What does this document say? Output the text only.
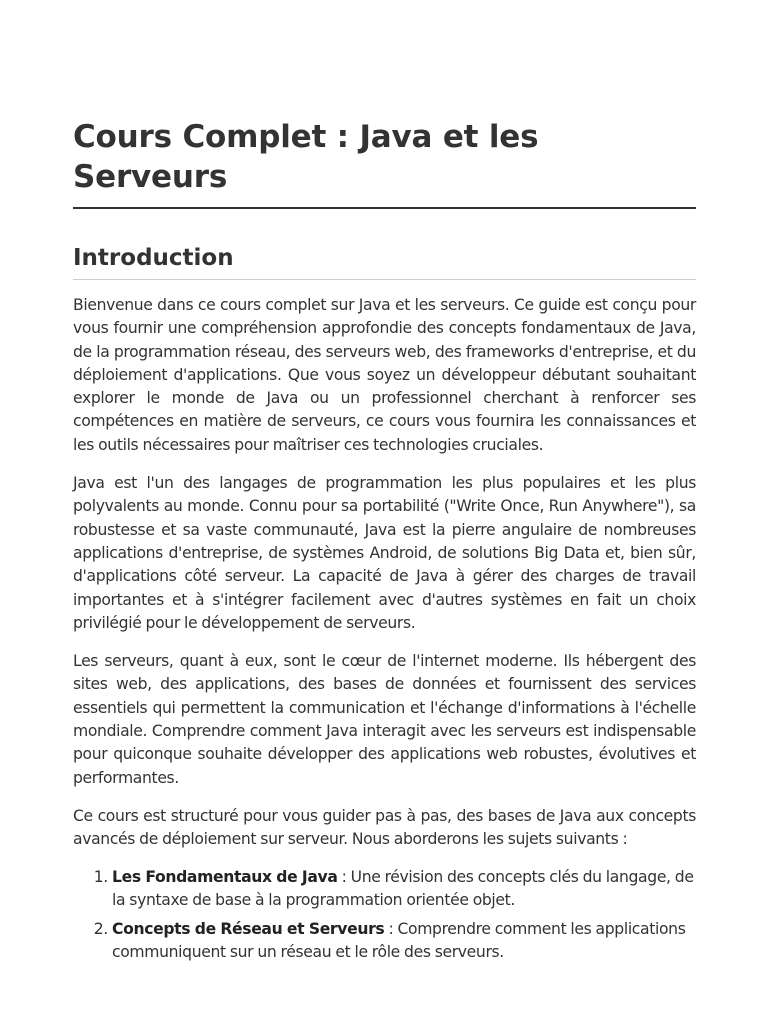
Cours Complet : Java et les Serveurs
Introduction

Bienvenue dans ce cours complet sur Java et les serveurs. Ce guide est conçu pour vous fournir une compréhension approfondie des concepts fondamentaux de Java, de la programmation réseau, des serveurs web, des frameworks d'entreprise, et du déploiement d'applications. Que vous soyez un développeur débutant souhaitant explorer le monde de Java ou un professionnel cherchant à renforcer ses compétences en matière de serveurs, ce cours vous fournira les connaissances et les outils nécessaires pour maîtriser ces technologies cruciales.

Java est l'un des langages de programmation les plus populaires et les plus polyvalents au monde. Connu pour sa portabilité ("Write Once, Run Anywhere"), sa robustesse et sa vaste communauté, Java est la pierre angulaire de nombreuses applications d'entreprise, de systèmes Android, de solutions Big Data et, bien sûr, d'applications côté serveur. La capacité de Java à gérer des charges de travail importantes et à s'intégrer facilement avec d'autres systèmes en fait un choix privilégié pour le développement de serveurs.

Les serveurs, quant à eux, sont le cœur de l'internet moderne. Ils hébergent des sites web, des applications, des bases de données et fournissent des services essentiels qui permettent la communication et l'échange d'informations à l'échelle mondiale. Comprendre comment Java interagit avec les serveurs est indispensable pour quiconque souhaite développer des applications web robustes, évolutives et performantes.

Ce cours est structuré pour vous guider pas à pas, des bases de Java aux concepts avancés de déploiement sur serveur. Nous aborderons les sujets suivants :

1. Les Fondamentaux de Java : Une révision des concepts clés du langage, de la syntaxe de base à la programmation orientée objet.
2. Concepts de Réseau et Serveurs : Comprendre comment les applications communiquent sur un réseau et le rôle des serveurs.
